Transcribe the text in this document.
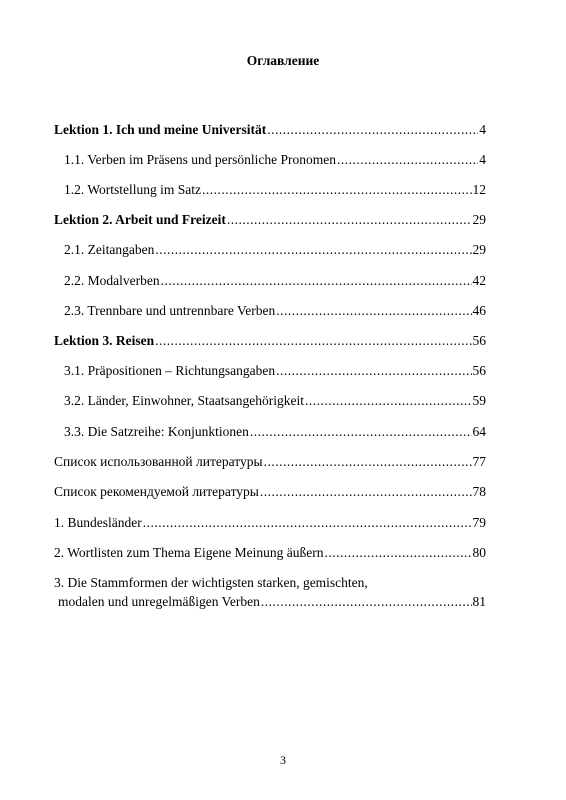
Оглавление
Lektion 1. Ich und meine Universität .....	4
1.1. Verben im Präsens und persönliche Pronomen .....	4
1.2. Wortstellung im Satz .....	12
Lektion 2. Arbeit und Freizeit .....	29
2.1. Zeitangaben .....	29
2.2. Modalverben .....	42
2.3. Trennbare und untrennbare Verben .....	46
Lektion 3. Reisen .....	56
3.1. Präpositionen – Richtungsangaben .....	56
3.2. Länder, Einwohner, Staatsangehörigkeit .....	59
3.3. Die Satzreihe: Konjunktionen .....	64
Список использованной литературы .....	77
Список рекомендуемой литературы .....	78
1. Bundesländer .....	79
2. Wortlisten zum Thema Eigene Meinung äußern .....	80
3. Die Stammformen der wichtigsten starken, gemischten,
modalen und unregelmäßigen Verben .....	81
3
